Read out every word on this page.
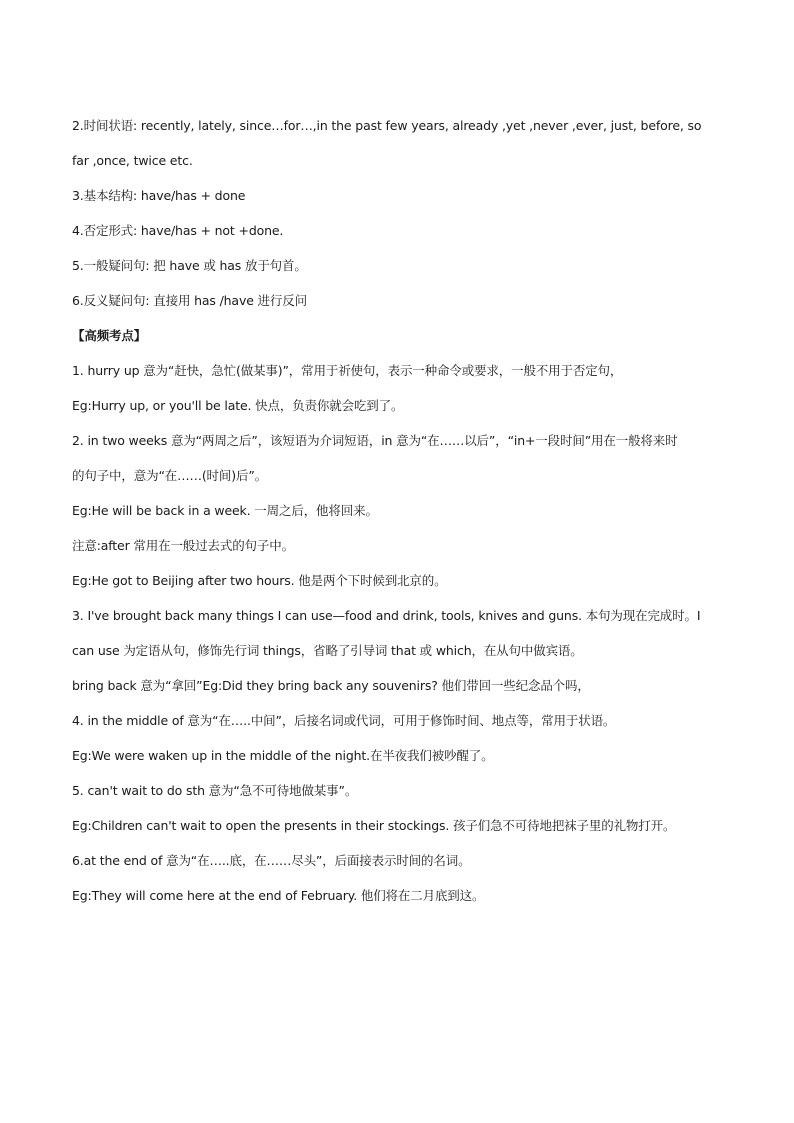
2.时间状语: recently, lately, since…for…,in the past few years, already ,yet ,never ,ever, just, before, so
far ,once, twice etc.
3.基本结构: have/has + done
4.否定形式: have/has + not +done.
5.一般疑问句: 把 have 或 has 放于句首。
6.反义疑问句: 直接用 has /have 进行反问
【高频考点】
1. hurry up 意为“赶快，急忙(做某事)”，常用于祈使句，表示一种命令或要求，一般不用于否定句，
Eg:Hurry up, or you'll be late. 快点，负责你就会吃到了。
2. in two weeks 意为“两周之后”，该短语为介词短语，in 意为“在……以后”，“in+一段时间”用在一般将来时
的句子中，意为“在……(时间)后”。
Eg:He will be back in a week. 一周之后，他将回来。
注意:after 常用在一般过去式的句子中。
Eg:He got to Beijing after two hours. 他是两个下时候到北京的。
3. I've brought back many things I can use—food and drink, tools, knives and guns. 本句为现在完成时。I
can use 为定语从句，修饰先行词 things，省略了引导词 that 或 which，在从句中做宾语。
bring back 意为“拿回”Eg:Did they bring back any souvenirs? 他们带回一些纪念品个吗，
4. in the middle of 意为“在…..中间”，后接名词或代词，可用于修饰时间、地点等，常用于状语。
Eg:We were waken up in the middle of the night.在半夜我们被吵醒了。
5. can't wait to do sth 意为“急不可待地做某事”。
Eg:Children can't wait to open the presents in their stockings. 孩子们急不可待地把袜子里的礼物打开。
6.at the end of 意为“在…..底，在……尽头”，后面接表示时间的名词。
Eg:They will come here at the end of February. 他们将在二月底到这。
